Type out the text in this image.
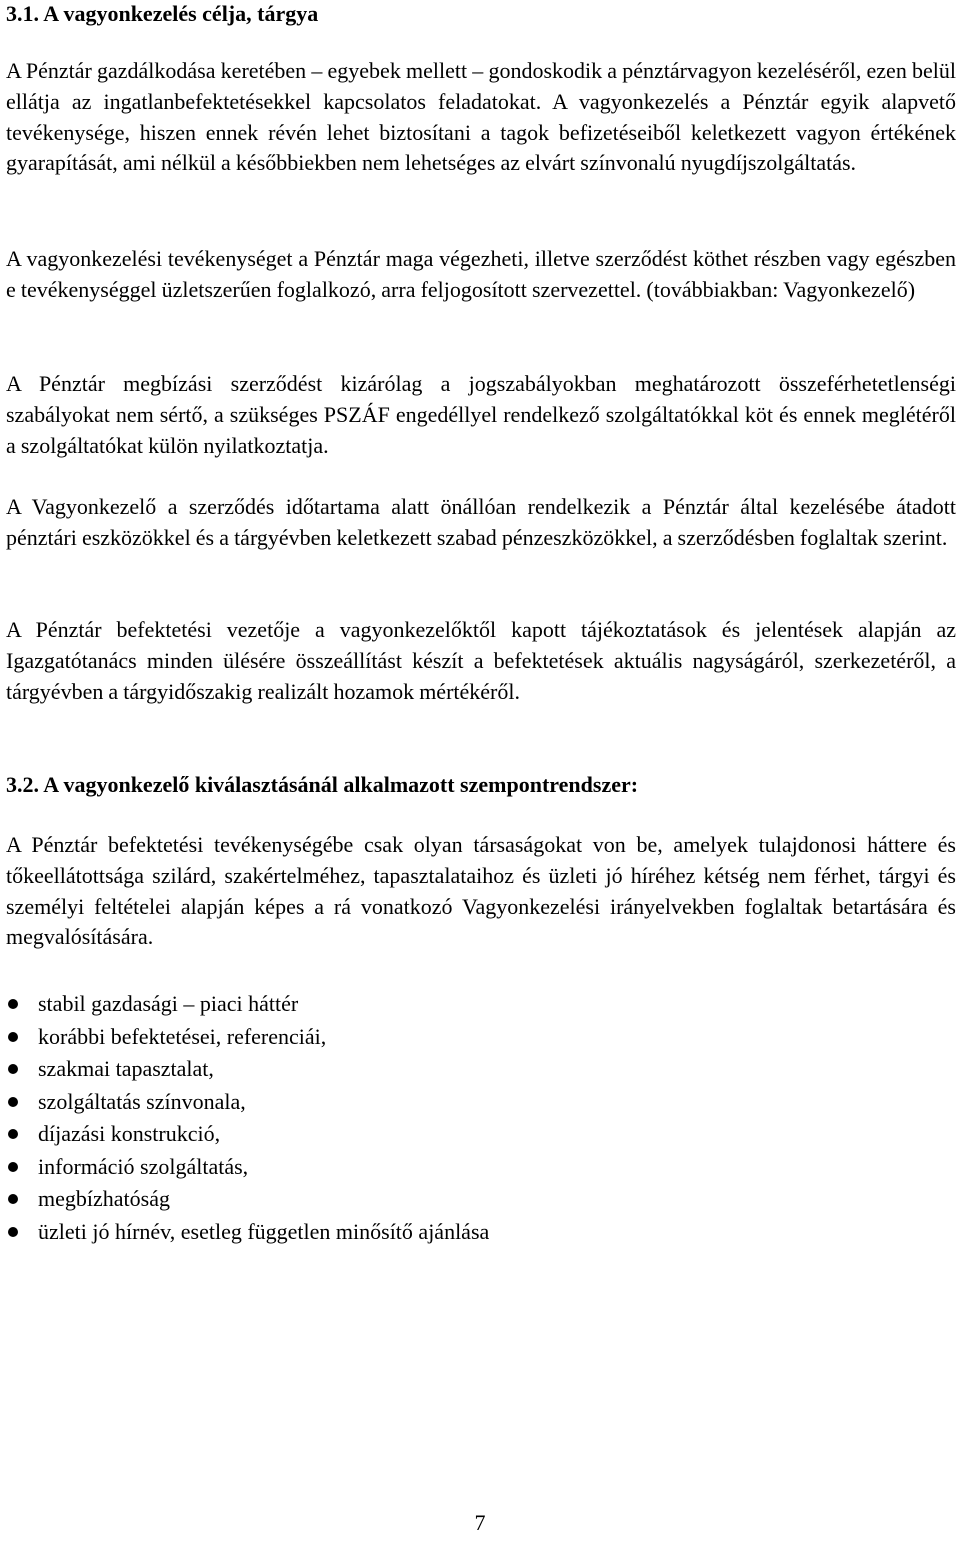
3.1. A vagyonkezelés célja, tárgya

A Pénztár gazdálkodása keretében – egyebek mellett – gondoskodik a pénztárvagyon kezeléséről, ezen belül ellátja az ingatlanbefektetésekkel kapcsolatos feladatokat. A vagyonkezelés a Pénztár egyik alapvető tevékenysége, hiszen ennek révén lehet biztosítani a tagok befizetéseiből keletkezett vagyon értékének gyarapítását, ami nélkül a későbbiekben nem lehetséges az elvárt színvonalú nyugdíjszolgáltatás.

A vagyonkezelési tevékenységet a Pénztár maga végezheti, illetve szerződést köthet részben vagy egészben e tevékenységgel üzletszerűen foglalkozó, arra feljogosított szervezettel. (továbbiakban: Vagyonkezelő)

A Pénztár megbízási szerződést kizárólag a jogszabályokban meghatározott összeférhetetlenségi szabályokat nem sértő, a szükséges PSZÁF engedéllyel rendelkező szolgáltatókkal köt és ennek meglétéről a szolgáltatókat külön nyilatkoztatja.

A Vagyonkezelő a szerződés időtartama alatt önállóan rendelkezik a Pénztár által kezelésébe átadott pénztári eszközökkel és a tárgyévben keletkezett szabad pénzeszközökkel, a szerződésben foglaltak szerint.

A Pénztár befektetési vezetője a vagyonkezelőktől kapott tájékoztatások és jelentések alapján az Igazgatótanács minden ülésére összeállítást készít a befektetések aktuális nagyságáról, szerkezetéről, a tárgyévben a tárgyidőszakig realizált hozamok mértékéről.

3.2. A vagyonkezelő kiválasztásánál alkalmazott szempontrendszer:

A Pénztár befektetési tevékenységébe csak olyan társaságokat von be, amelyek tulajdonosi háttere és tőkeellátottsága szilárd, szakértelméhez, tapasztalataihoz és üzleti jó híréhez kétség nem férhet, tárgyi és személyi feltételei alapján képes a rá vonatkozó Vagyonkezelési irányelvekben foglaltak betartására és megvalósítására.

stabil gazdasági – piaci háttér
korábbi befektetései, referenciái,
szakmai tapasztalat,
szolgáltatás színvonala,
díjazási konstrukció,
információ szolgáltatás,
megbízhatóság
üzleti jó hírnév, esetleg független minősítő ajánlása
7
